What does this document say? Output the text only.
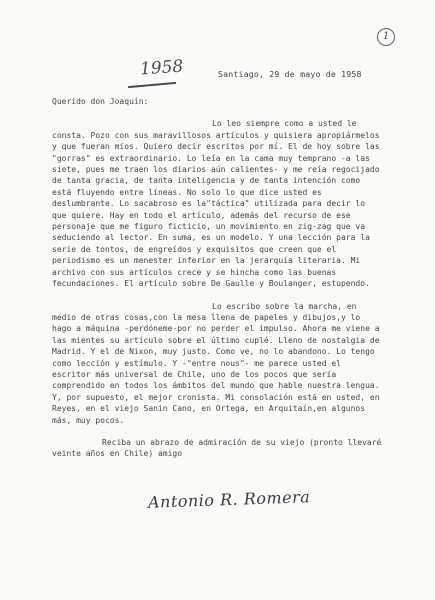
1
1958	Santiago, 29 de mayo de 1958

Querido don Joaquín:

Lo leo siempre como a usted le consta. Pozo con sus maravillosos artículos y quisiera apropiármelos y que fueran míos. Quiero decir escritos por mí. El de hoy sobre las "gorras" es extraordinario. Lo leía en la cama muy temprano -a las siete, pues me traen los diarios aún calientes- y me reía regocijado de tanta gracia, de tanta inteligencia y de tanta intención como está fluyendo entre líneas. No solo lo que dice usted es deslumbrante. Lo sacabroso es la"táctica" utilizada para decir lo que quiere. Hay en todo el artículo, además del recurso de ese personaje que me figuro ficticio, un movimiento en zig-zag que va seduciendo al lector. En suma, es un modelo. Y una lección para la serie de tontos, de engreídos y exquisitos que creen que el periodismo es un menester inferior en la jerarquía literaria. Mi archivo con sus artículos crece y se hincha como las buenas fecundaciones. El artículo sobre De Gaulle y Boulanger, estupendo.

Lo escribo sobre la marcha, en medio de otras cosas,con la mesa llena de papeles y dibujos,y lo hago a máquina -perdóneme-por no perder el impulso. Ahora me viene a las mientes su artículo sobre el último cuplé. Lleno de nostalgia de Madrid. Y el de Nixon, muy justo. Como ve, no lo abandono. Lo tengo como lección y estímulo. Y -"entre nous"- me parece usted el escritor más universal de Chile, uno de los pocos que sería comprendido en todos los ámbitos del mundo que hable nuestra lengua. Y, por supuesto, el mejor cronista. Mi consolación está en usted, en Reyes, en el viejo Sanin Cano, en Ortega, en Arquitaín,en algunos más, muy pocos.

Reciba un abrazo de admiración de su viejo (pronto llevaré veinte años en Chile) amigo

Antonio R. Romera
